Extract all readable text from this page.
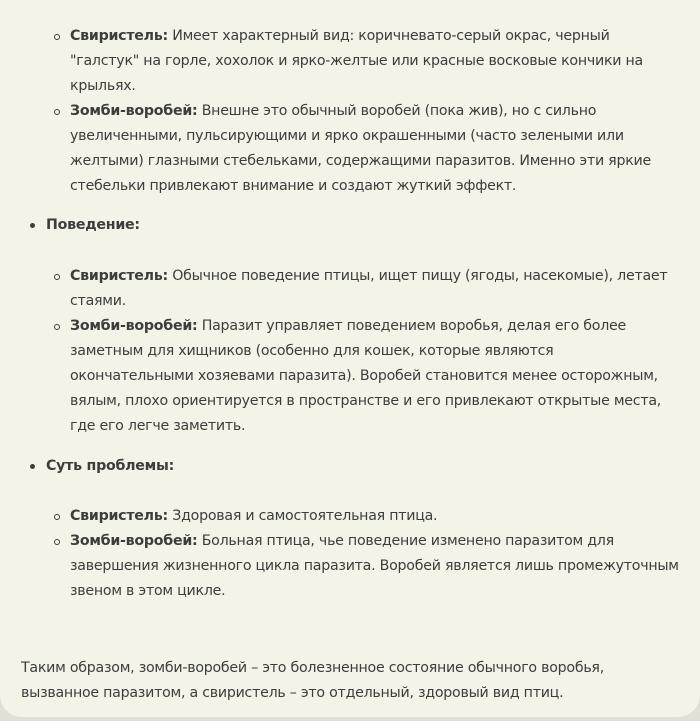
Свиристель: Имеет характерный вид: коричневато-серый окрас, черный "галстук" на горле, хохолок и ярко-желтые или красные восковые кончики на крыльях.
Зомби-воробей: Внешне это обычный воробей (пока жив), но с сильно увеличенными, пульсирующими и ярко окрашенными (часто зелеными или желтыми) глазными стебельками, содержащими паразитов. Именно эти яркие стебельки привлекают внимание и создают жуткий эффект.
Поведение:
Свиристель: Обычное поведение птицы, ищет пищу (ягоды, насекомые), летает стаями.
Зомби-воробей: Паразит управляет поведением воробья, делая его более заметным для хищников (особенно для кошек, которые являются окончательными хозяевами паразита). Воробей становится менее осторожным, вялым, плохо ориентируется в пространстве и его привлекают открытые места, где его легче заметить.
Суть проблемы:
Свиристель: Здоровая и самостоятельная птица.
Зомби-воробей: Больная птица, чье поведение изменено паразитом для завершения жизненного цикла паразита. Воробей является лишь промежуточным звеном в этом цикле.

Таким образом, зомби-воробей – это болезненное состояние обычного воробья, вызванное паразитом, а свиристель – это отдельный, здоровый вид птиц.
